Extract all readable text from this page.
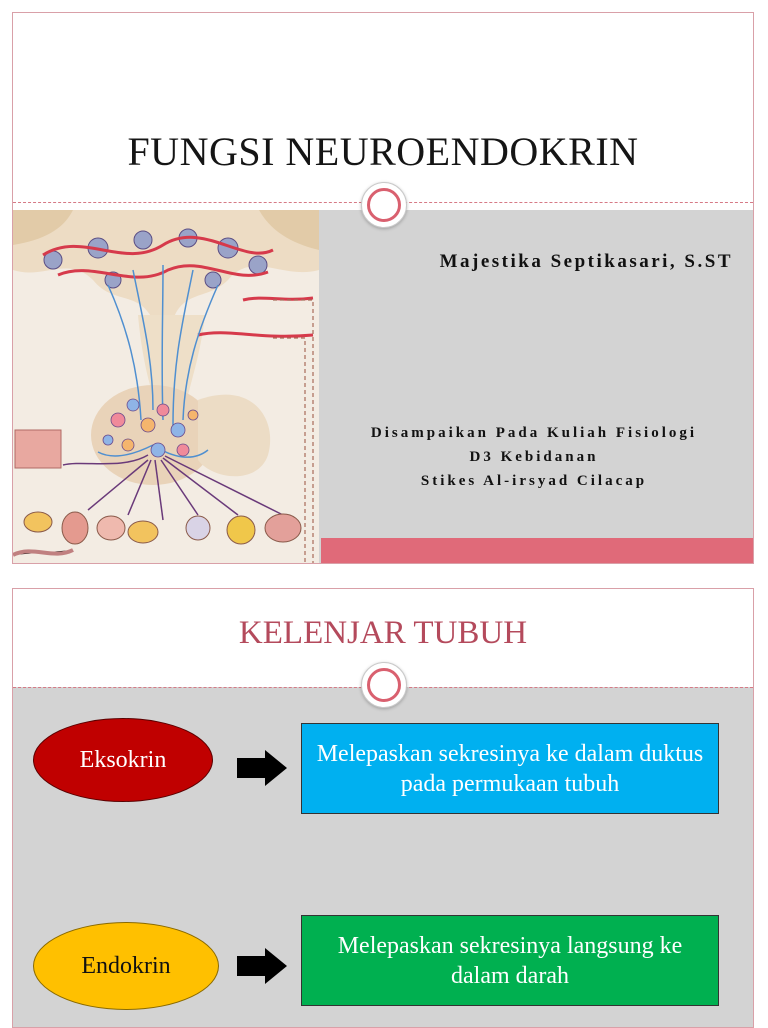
FUNGSI NEUROENDOKRIN
Majestika Septikasari, S.ST
Disampaikan Pada Kuliah Fisiologi
D3 Kebidanan
Stikes Al-irsyad Cilacap
KELENJAR TUBUH
Eksokrin	Melepaskan sekresinya ke dalam duktus pada permukaan tubuh
Endokrin
Melepaskan sekresinya langsung ke dalam darah
